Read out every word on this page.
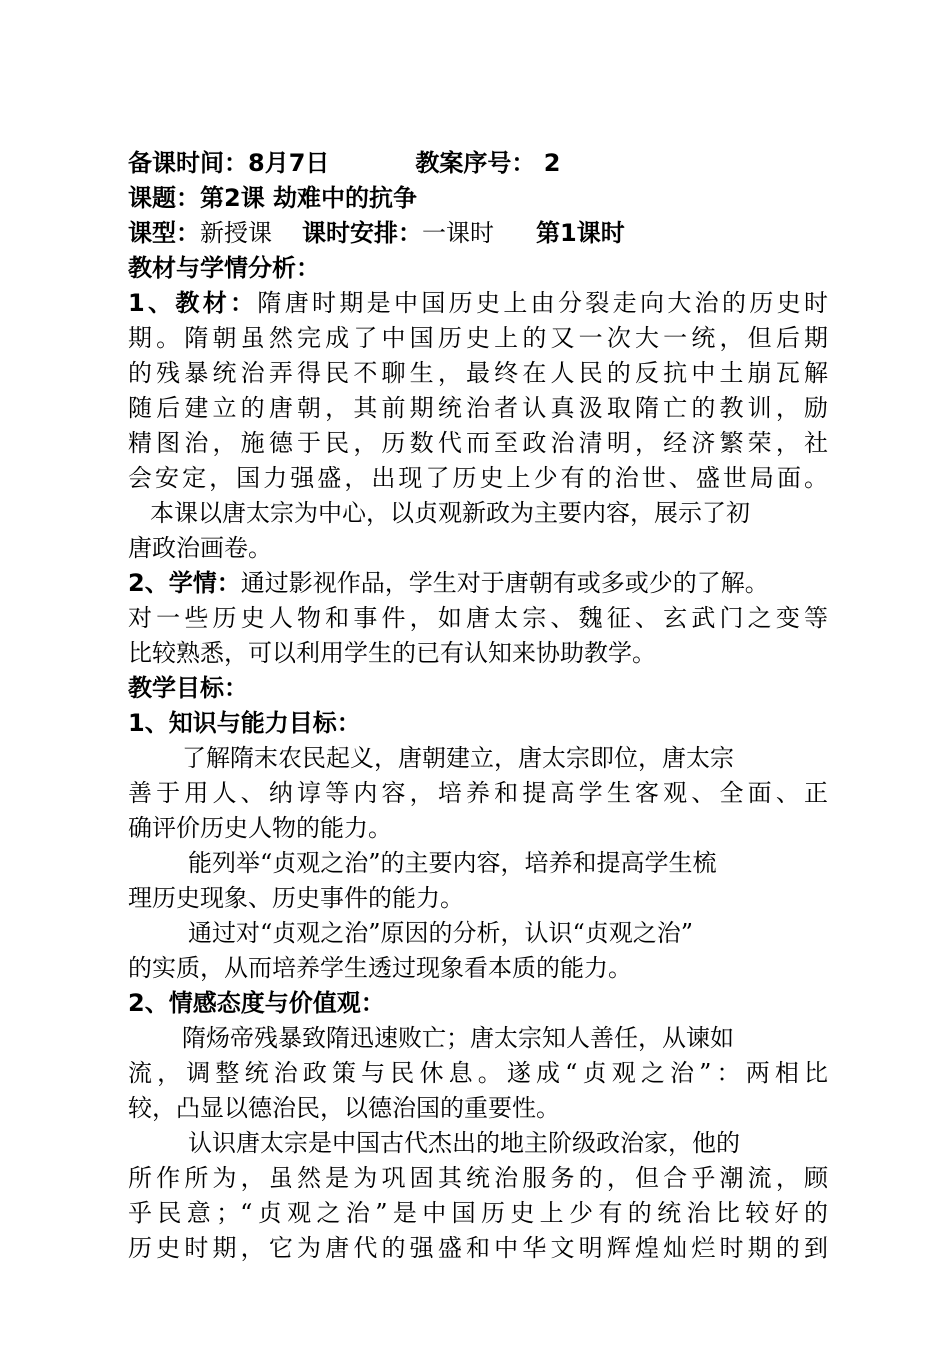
备课时间：8月7日	教案序号： 2
课题：第2课 劫难中的抗争
课型：新授课 课时安排：一课时 第1课时
教材与学情分析：
1、教材：隋唐时期是中国历史上由分裂走向大治的历史时
期。隋朝虽然完成了中国历史上的又一次大一统，但后期
的残暴统治弄得民不聊生，最终在人民的反抗中土崩瓦解
随后建立的唐朝，其前期统治者认真汲取隋亡的教训，励
精图治，施德于民，历数代而至政治清明，经济繁荣，社
会安定，国力强盛，出现了历史上少有的治世、盛世局面。
本课以唐太宗为中心，以贞观新政为主要内容，展示了初
唐政治画卷。
2、学情：通过影视作品，学生对于唐朝有或多或少的了解。
对一些历史人物和事件，如唐太宗、魏征、玄武门之变等
比较熟悉，可以利用学生的已有认知来协助教学。
教学目标：
1、知识与能力目标：
了解隋末农民起义，唐朝建立，唐太宗即位，唐太宗
善于用人、纳谆等内容，培养和提高学生客观、全面、正
确评价历史人物的能力。
能列举“贞观之治”的主要内容，培养和提高学生梳
理历史现象、历史事件的能力。
通过对“贞观之治”原因的分析，认识“贞观之治”
的实质，从而培养学生透过现象看本质的能力。
2、情感态度与价值观：
隋炀帝残暴致隋迅速败亡；唐太宗知人善任，从谏如
流，调整统治政策与民休息。遂成“贞观之治”：两相比
较，凸显以德治民，以德治国的重要性。
认识唐太宗是中国古代杰出的地主阶级政治家，他的
所作所为，虽然是为巩固其统治服务的，但合乎潮流，顾
乎民意；“贞观之治”是中国历史上少有的统治比较好的
历史时期，它为唐代的强盛和中华文明辉煌灿烂时期的到
